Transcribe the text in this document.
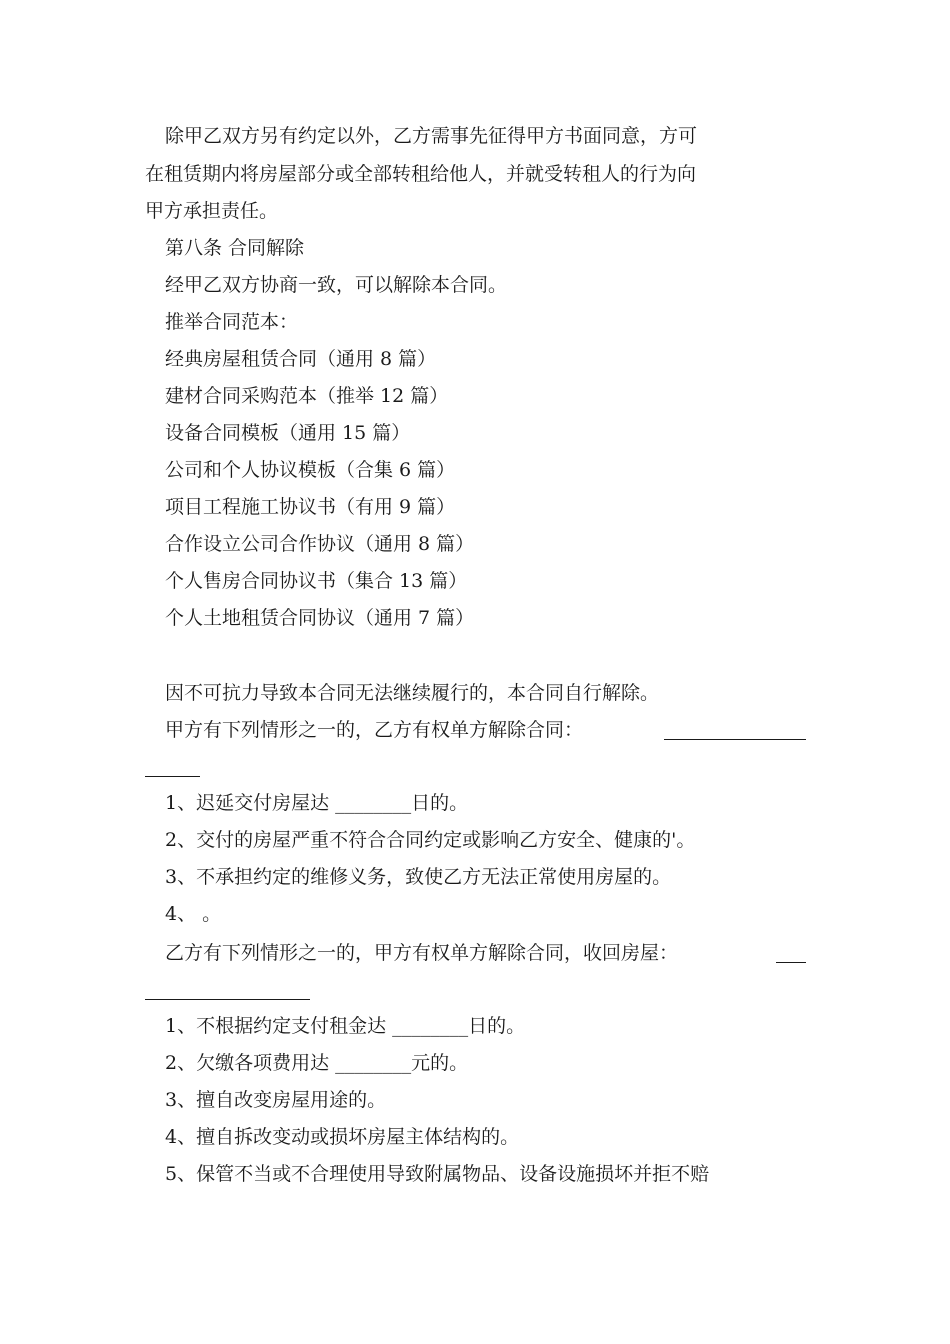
除甲乙双方另有约定以外，乙方需事先征得甲方书面同意，方可
在租赁期内将房屋部分或全部转租给他人，并就受转租人的行为向
甲方承担责任。
第八条 合同解除
经甲乙双方协商一致，可以解除本合同。
推举合同范本：
经典房屋租赁合同（通用 8 篇）
建材合同采购范本（推举 12 篇）
设备合同模板（通用 15 篇）
公司和个人协议模板（合集 6 篇）
项目工程施工协议书（有用 9 篇）
合作设立公司合作协议（通用 8 篇）
个人售房合同协议书（集合 13 篇）
个人土地租赁合同协议（通用 7 篇）
因不可抗力导致本合同无法继续履行的，本合同自行解除。
甲方有下列情形之一的，乙方有权单方解除合同：
1、迟延交付房屋达 ________日的。
2、交付的房屋严重不符合合同约定或影响乙方安全、健康的'。
3、不承担约定的维修义务，致使乙方无法正常使用房屋的。
4、 。
乙方有下列情形之一的，甲方有权单方解除合同，收回房屋：
1、不根据约定支付租金达 ________日的。
2、欠缴各项费用达 ________元的。
3、擅自改变房屋用途的。
4、擅自拆改变动或损坏房屋主体结构的。
5、保管不当或不合理使用导致附属物品、设备设施损坏并拒不赔
